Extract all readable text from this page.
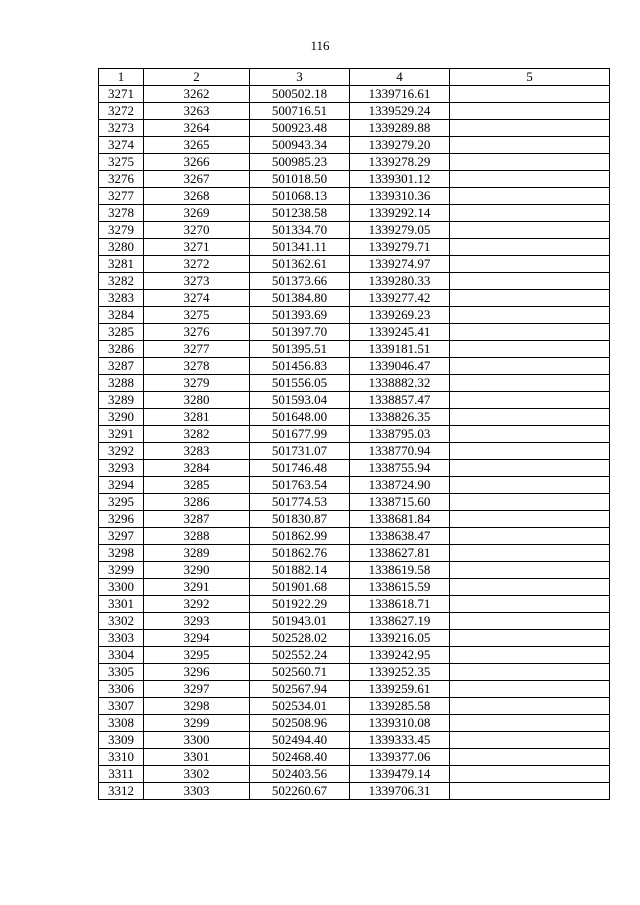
116
1	2	3	4	5
3271	3262	500502.18	1339716.61	
3272	3263	500716.51	1339529.24	
3273	3264	500923.48	1339289.88	
3274	3265	500943.34	1339279.20	
3275	3266	500985.23	1339278.29	
3276	3267	501018.50	1339301.12	
3277	3268	501068.13	1339310.36	
3278	3269	501238.58	1339292.14	
3279	3270	501334.70	1339279.05	
3280	3271	501341.11	1339279.71	
3281	3272	501362.61	1339274.97	
3282	3273	501373.66	1339280.33	
3283	3274	501384.80	1339277.42	
3284	3275	501393.69	1339269.23	
3285	3276	501397.70	1339245.41	
3286	3277	501395.51	1339181.51	
3287	3278	501456.83	1339046.47	
3288	3279	501556.05	1338882.32	
3289	3280	501593.04	1338857.47	
3290	3281	501648.00	1338826.35	
3291	3282	501677.99	1338795.03	
3292	3283	501731.07	1338770.94	
3293	3284	501746.48	1338755.94	
3294	3285	501763.54	1338724.90	
3295	3286	501774.53	1338715.60	
3296	3287	501830.87	1338681.84	
3297	3288	501862.99	1338638.47	
3298	3289	501862.76	1338627.81	
3299	3290	501882.14	1338619.58	
3300	3291	501901.68	1338615.59	
3301	3292	501922.29	1338618.71	
3302	3293	501943.01	1338627.19	
3303	3294	502528.02	1339216.05	
3304	3295	502552.24	1339242.95	
3305	3296	502560.71	1339252.35	
3306	3297	502567.94	1339259.61	
3307	3298	502534.01	1339285.58	
3308	3299	502508.96	1339310.08	
3309	3300	502494.40	1339333.45	
3310	3301	502468.40	1339377.06	
3311	3302	502403.56	1339479.14	
3312	3303	502260.67	1339706.31	
